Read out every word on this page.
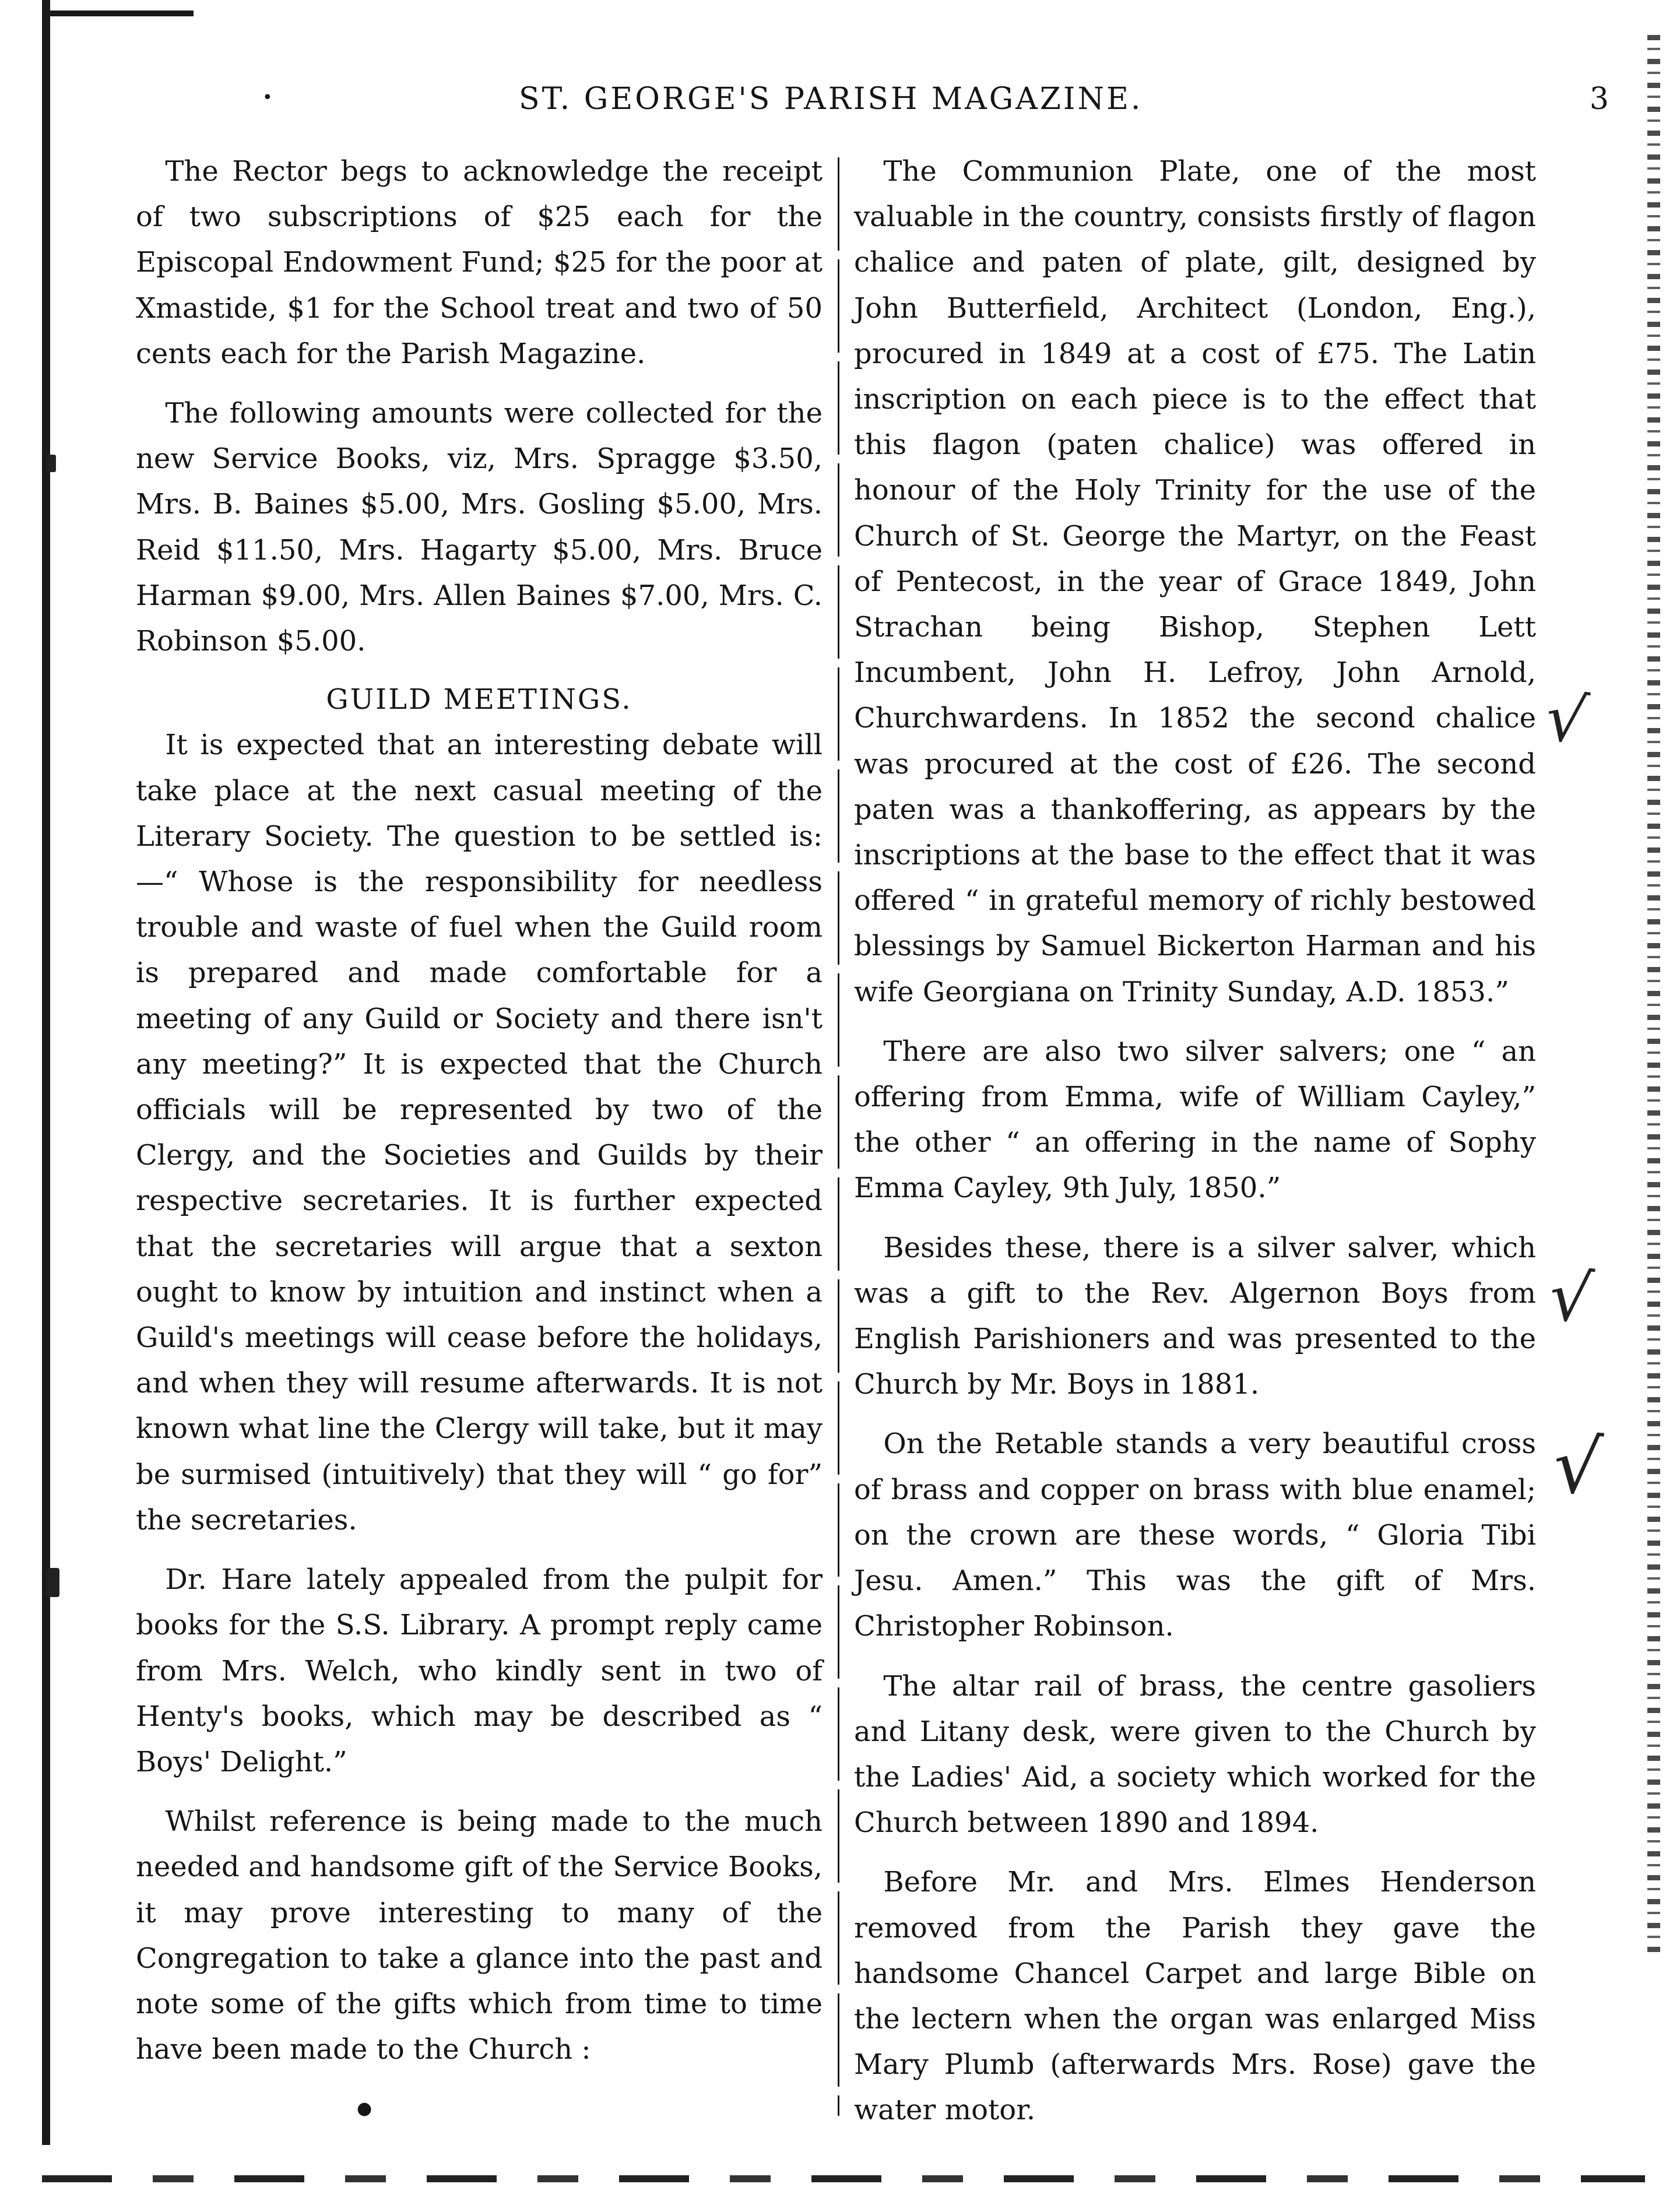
•	ST. GEORGE'S PARISH MAGAZINE.	3

The Rector begs to acknowledge the receipt of two subscriptions of $25 each for the Episcopal Endowment Fund; $25 for the poor at Xmastide, $1 for the School treat and two of 50 cents each for the Parish Magazine.

The following amounts were collected for the new Service Books, viz, Mrs. Spragge $3.50, Mrs. B. Baines $5.00, Mrs. Gosling $5.00, Mrs. Reid $11.50, Mrs. Hagarty $5.00, Mrs. Bruce Harman $9.00, Mrs. Allen Baines $7.00, Mrs. C. Robinson $5.00.

GUILD MEETINGS.

It is expected that an interesting debate will take place at the next casual meeting of the Literary Society. The question to be settled is:—“ Whose is the responsibility for needless trouble and waste of fuel when the Guild room is prepared and made comfortable for a meeting of any Guild or Society and there isn't any meeting?” It is expected that the Church officials will be represented by two of the Clergy, and the Societies and Guilds by their respective secretaries. It is further expected that the secretaries will argue that a sexton ought to know by intuition and instinct when a Guild's meetings will cease before the holidays, and when they will resume afterwards. It is not known what line the Clergy will take, but it may be surmised (intuitively) that they will “ go for” the secretaries.

Dr. Hare lately appealed from the pulpit for books for the S.S. Library. A prompt reply came from Mrs. Welch, who kindly sent in two of Henty's books, which may be described as “ Boys' Delight.”

Whilst reference is being made to the much needed and handsome gift of the Service Books, it may prove interesting to many of the Congregation to take a glance into the past and note some of the gifts which from time to time have been made to the Church :

The Communion Plate, one of the most valuable in the country, consists firstly of flagon chalice and paten of plate, gilt, designed by John Butterfield, Architect (London, Eng.), procured in 1849 at a cost of £75. The Latin inscription on each piece is to the effect that this flagon (paten chalice) was offered in honour of the Holy Trinity for the use of the Church of St. George the Martyr, on the Feast of Pentecost, in the year of Grace 1849, John Strachan being Bishop, Stephen Lett Incumbent, John H. Lefroy, John Arnold, Churchwardens. In 1852 the second chalice was procured at the cost of £26. The second paten was a thankoffering, as appears by the inscriptions at the base to the effect that it was offered “ in grateful memory of richly bestowed blessings by Samuel Bickerton Harman and his wife Georgiana on Trinity Sunday, A.D. 1853.”

There are also two silver salvers; one “ an offering from Emma, wife of William Cayley,” the other “ an offering in the name of Sophy Emma Cayley, 9th July, 1850.”

Besides these, there is a silver salver, which was a gift to the Rev. Algernon Boys from English Parishioners and was presented to the Church by Mr. Boys in 1881.

On the Retable stands a very beautiful cross of brass and copper on brass with blue enamel; on the crown are these words, “ Gloria Tibi Jesu. Amen.” This was the gift of Mrs. Christopher Robinson.

The altar rail of brass, the centre gasoliers and Litany desk, were given to the Church by the Ladies' Aid, a society which worked for the Church between 1890 and 1894.

Before Mr. and Mrs. Elmes Henderson removed from the Parish they gave the handsome Chancel Carpet and large Bible on the lectern when the organ was enlarged Miss Mary Plumb (afterwards Mrs. Rose) gave the water motor.

√
√
√
●
